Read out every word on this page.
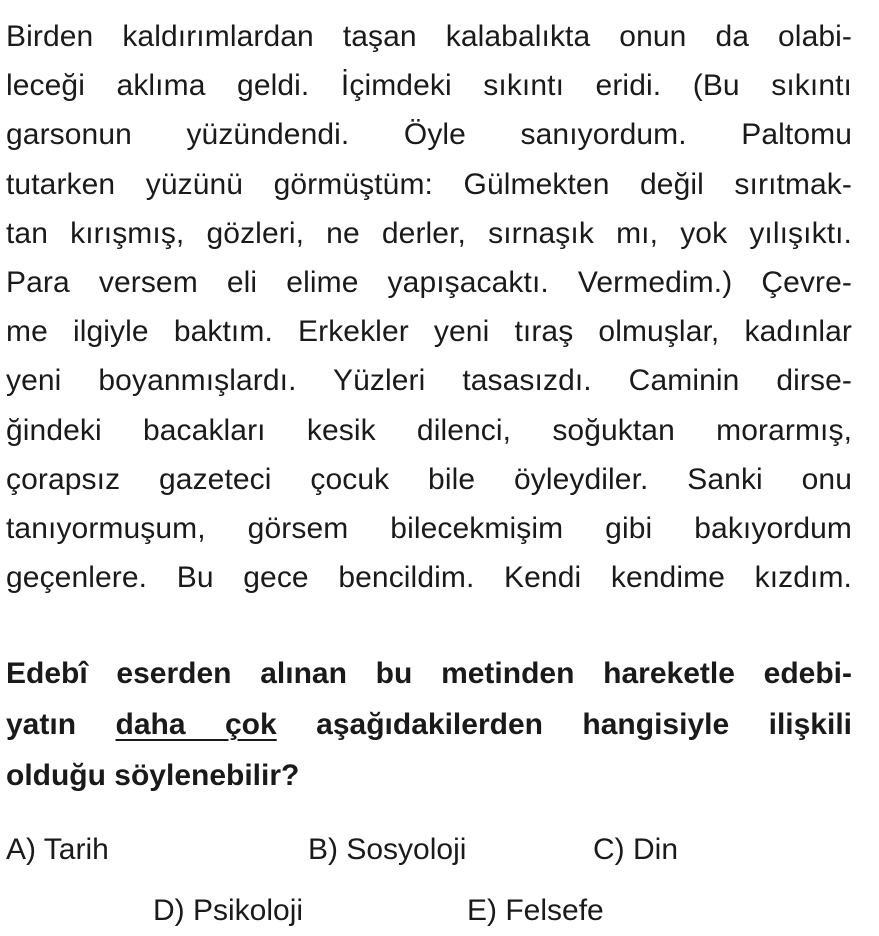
Birden kaldırımlardan taşan kalabalıkta onun da olabi-
leceği aklıma geldi. İçimdeki sıkıntı eridi. (Bu sıkıntı
garsonun yüzündendi. Öyle sanıyordum. Paltomu
tutarken yüzünü görmüştüm: Gülmekten değil sırıtmak-
tan kırışmış, gözleri, ne derler, sırnaşık mı, yok yılışıktı.
Para versem eli elime yapışacaktı. Vermedim.) Çevre-
me ilgiyle baktım. Erkekler yeni tıraş olmuşlar, kadınlar
yeni boyanmışlardı. Yüzleri tasasızdı. Caminin dirse-
ğindeki bacakları kesik dilenci, soğuktan morarmış,
çorapsız gazeteci çocuk bile öyleydiler. Sanki onu
tanıyormuşum, görsem bilecekmişim gibi bakıyordum
geçenlere. Bu gece bencildim. Kendi kendime kızdım.
Edebî eserden alınan bu metinden hareketle edebi-
yatın daha çok aşağıdakilerden hangisiyle ilişkili
olduğu söylenebilir?
A) Tarih	B) Sosyoloji	C) Din
D) Psikoloji	E) Felsefe
